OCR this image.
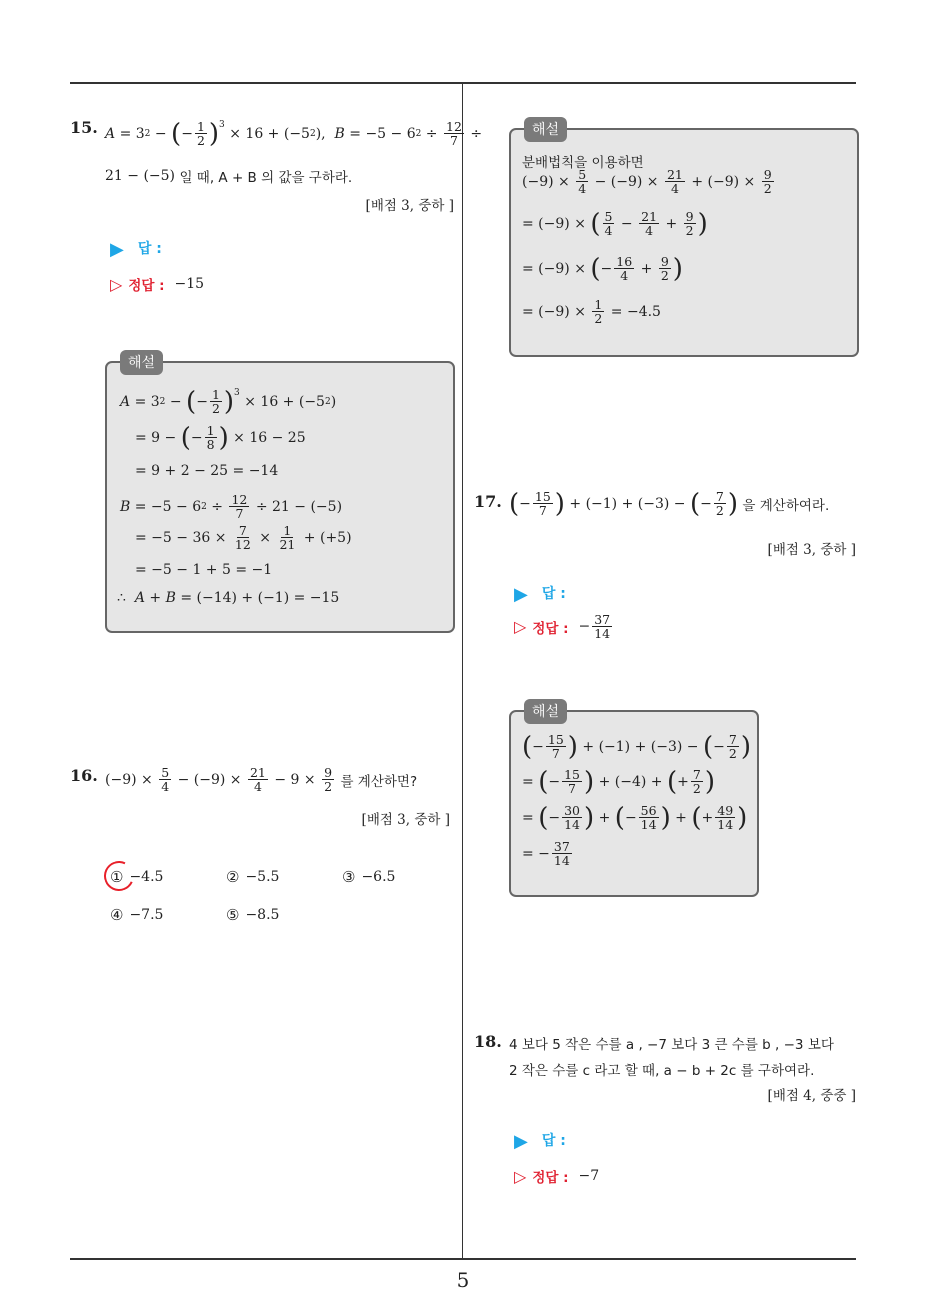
5
15. A = 3 2 − ( − 1
2 )$^3$
× $16 + (-5_2$ ), B = −5 − 6 2 ÷ 12
7 ÷
21 − (−5)
일 때, A + B 의 값을 구하라.
[배점 3, 중하 ]
▶ 답 :
▷ 정답 : −15
해설
A = 3 2 − ( − 1
2 )$^3$
× $16 + (-5_2$ )
= 9 − ( − 1
8 ) × 16 − 25
= 9 + 2 − 25 = −14
B = −5 − 6 2 ÷ 12
7 ÷ 21 − (−5)
= −5 − 36 × 7
12 × 1
21 + (+5)
= −5 − 1 + 5 = −1
∴ A + B = (−14) + (−1) = −15
16. (−9) × 5
4 − (−9) × 21
4 − 9 × 9
2
를 계산하면?
[배점 3, 중하 ]
① −4.5	② −5.5	③ −6.5
④ −7.5	⑤ −8.5
해설
분배법칙을 이용하면
(−9) × 5
4 − (−9) × 21
4 + (−9) × 9
2
= (−9) × ( 5
4 − 21
4 + 9
2 )
= (−9) × ( − 16
4 + 9
2 )
= (−9) × 1
2 = −4.5
17. ( − 15
7 ) + (−1) + (−3) − ( − 7
2 )
을 계산하여라.
[배점 3, 중하 ]
▶ 답 :
▷ 정답 : − $\frac{37}{14}$
해설
( − 15
7 ) + (−1) + (−3) − ( − 7
2 )
= ( − 15
7 ) + (−4) + ( + 7
2 )
= ( − 30
14 ) + ( − 56
14 ) + ( + 49
14 )
= − 37
14
18. 4 보다 5 작은 수를 a , −7 보다 3 큰 수를 b , −3 보다
2 작은 수를 c 라고 할 때, a − b + 2c 를 구하여라.
[배점 4, 중중 ]
▶ 답 :
▷ 정답 : −7
